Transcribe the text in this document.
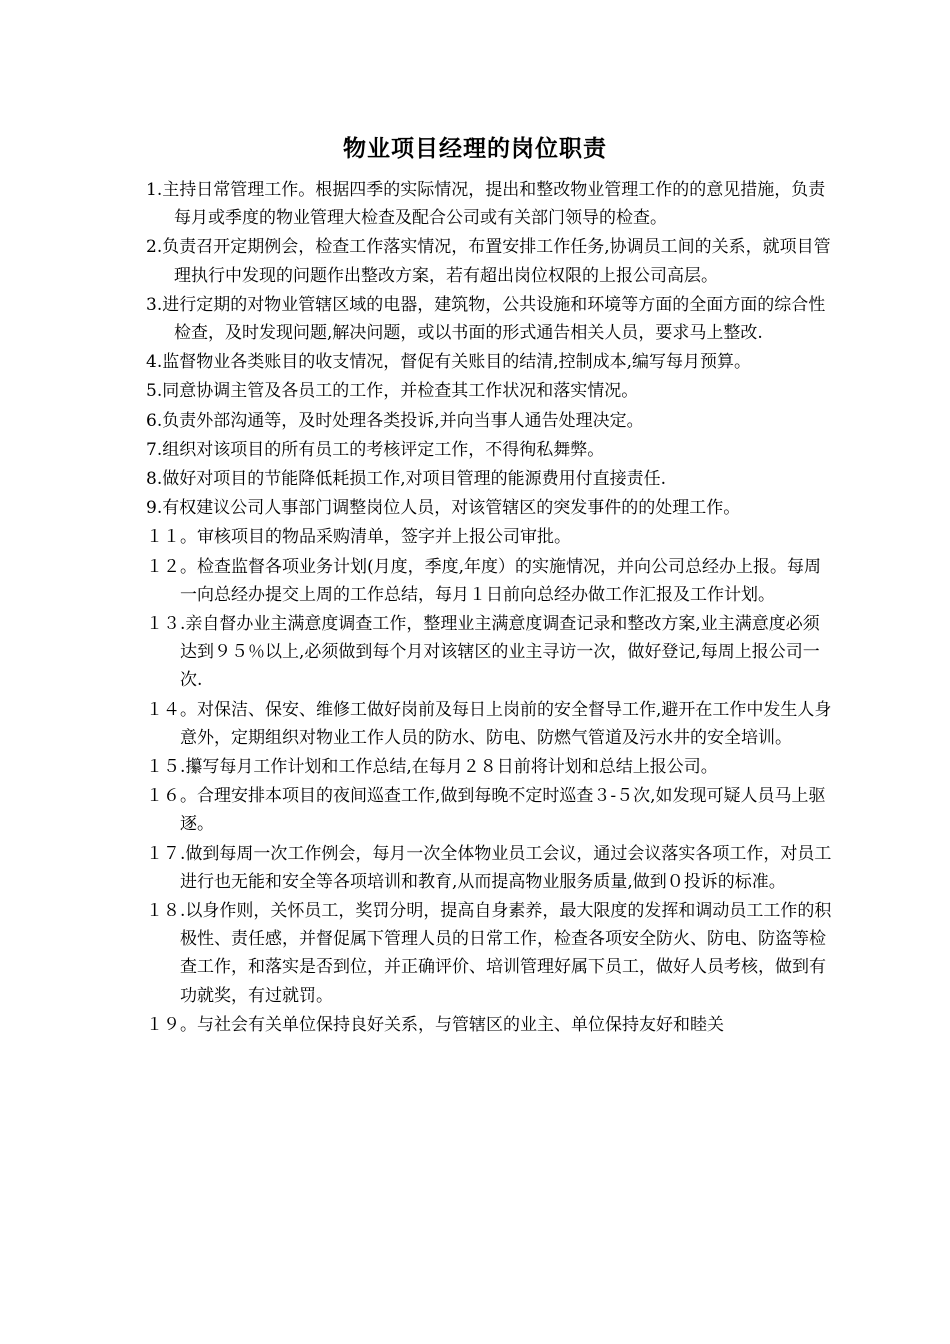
物业项目经理的岗位职责
1.主持日常管理工作。根据四季的实际情况，提出和整改物业管理工作的的意见措施，负责每月或季度的物业管理大检查及配合公司或有关部门领导的检查。
2.负责召开定期例会，检查工作落实情况，布置安排工作任务,协调员工间的关系，就项目管理执行中发现的问题作出整改方案，若有超出岗位权限的上报公司高层。
3.进行定期的对物业管辖区域的电器，建筑物，公共设施和环境等方面的全面方面的综合性检查，及时发现问题,解决问题，或以书面的形式通告相关人员，要求马上整改.
4.监督物业各类账目的收支情况，督促有关账目的结清,控制成本,编写每月预算。
5.同意协调主管及各员工的工作，并检查其工作状况和落实情况。
6.负责外部沟通等，及时处理各类投诉,并向当事人通告处理决定。
7.组织对该项目的所有员工的考核评定工作，不得徇私舞弊。
8.做好对项目的节能降低耗损工作,对项目管理的能源费用付直接责任.
9.有权建议公司人事部门调整岗位人员，对该管辖区的突发事件的的处理工作。
１１。审核项目的物品采购清单，签字并上报公司审批。
１２。检查监督各项业务计划(月度，季度,年度）的实施情况，并向公司总经办上报。每周一向总经办提交上周的工作总结，每月１日前向总经办做工作汇报及工作计划。
１３.亲自督办业主满意度调查工作，整理业主满意度调查记录和整改方案,业主满意度必须达到９５％以上,必须做到每个月对该辖区的业主寻访一次，做好登记,每周上报公司一次.
１４。对保洁、保安、维修工做好岗前及每日上岗前的安全督导工作,避开在工作中发生人身意外，定期组织对物业工作人员的防水、防电、防燃气管道及污水井的安全培训。
１５.攥写每月工作计划和工作总结,在每月２８日前将计划和总结上报公司。
１６。合理安排本项目的夜间巡查工作,做到每晚不定时巡查３-５次,如发现可疑人员马上驱逐。
１７.做到每周一次工作例会，每月一次全体物业员工会议，通过会议落实各项工作，对员工进行也无能和安全等各项培训和教育,从而提高物业服务质量,做到０投诉的标准。
１８.以身作则，关怀员工，奖罚分明，提高自身素养，最大限度的发挥和调动员工工作的积极性、责任感，并督促属下管理人员的日常工作，检查各项安全防火、防电、防盗等检查工作，和落实是否到位，并正确评价、培训管理好属下员工，做好人员考核，做到有功就奖，有过就罚。
１９。与社会有关单位保持良好关系，与管辖区的业主、单位保持友好和睦关
